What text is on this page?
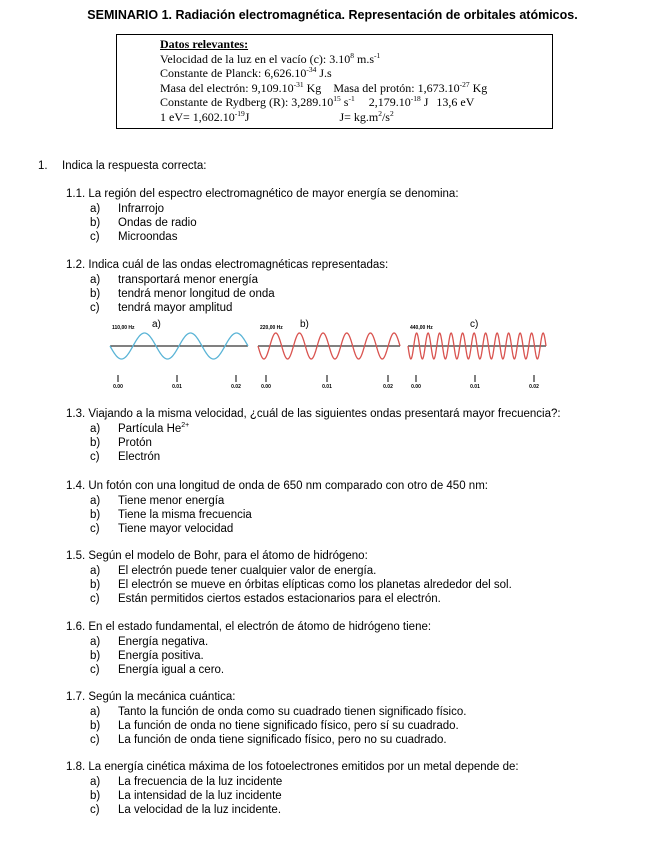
SEMINARIO 1. Radiación electromagnética. Representación de orbitales atómicos.
Datos relevantes:
Velocidad de la luz en el vacío (c): 3.10$^8$ $m.s^{-1}$
Constante de Planck: $6,626.10^{-34}$ J.s
Masa del electrón: $9,109.10^{-31}$ Kg Masa del protón: $1,673.10^{-27}$ Kg
Constante de Rydberg (R): 3,289.10$^{15}$ $s^{-1}$ $2,179.10^{-18}$ J 13,6 eV
1 $eV= 1,602.10^{-19}J$	$J= kg.m^2/s^2$
1. Indica la respuesta correcta:
1.1. La región del espectro electromagnético de mayor energía se denomina:
a) Infrarrojo
b) Ondas de radio
c) Microondas
1.2. Indica cuál de las ondas electromagnéticas representadas:
a) transportará menor energía
b) tendrá menor longitud de onda
c) tendrá mayor amplitud
1.3. Viajando a la misma velocidad, ¿cuál de las siguientes ondas presentará mayor frecuencia?:
a) Partícula $He^{2+}$
b) Protón
c) Electrón
1.4. Un fotón con una longitud de onda de 650 nm comparado con otro de 450 nm:
a) Tiene menor energía
b) Tiene la misma frecuencia
c) Tiene mayor velocidad
1.5. Según el modelo de Bohr, para el átomo de hidrógeno:
a) El electrón puede tener cualquier valor de energía.
b) El electrón se mueve en órbitas elípticas como los planetas alrededor del sol.
c) Están permitidos ciertos estados estacionarios para el electrón.
1.6. En el estado fundamental, el electrón de átomo de hidrógeno tiene:
a) Energía negativa.
b) Energía positiva.
c) Energía igual a cero.
1.7. Según la mecánica cuántica:
a) Tanto la función de onda como su cuadrado tienen significado físico.
b) La función de onda no tiene significado físico, pero sí su cuadrado.
c) La función de onda tiene significado físico, pero no su cuadrado.
1.8. La energía cinética máxima de los fotoelectrones emitidos por un metal depende de:
a) La frecuencia de la luz incidente
b) La intensidad de la luz incidente
c) La velocidad de la luz incidente.
0,00	0,01	0,02
110,00 Hz a)
0,00	0,01	0,02
220,00 Hz b)
0,00	0,01	0,02
440,00 Hz	c)
